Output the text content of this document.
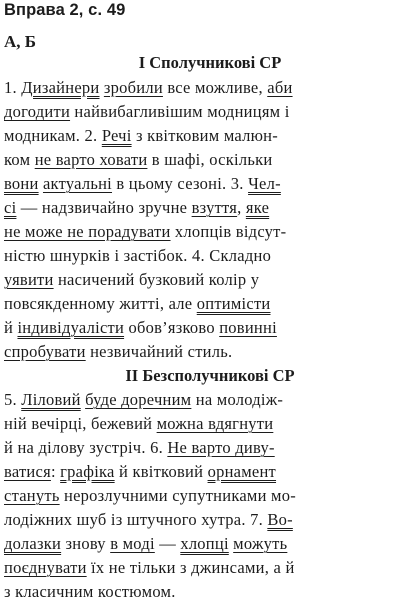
Вправа 2, с. 49
А, Б
І Сполучникові СР
1. Дизайнери зробили все можливе, аби
догодити найвибагливішим модницям і
модникам. 2. Речі з квітковим малюн-
ком не варто ховати в шафі, оскільки
вони актуальні в цьому сезоні. 3. Чел-
сі — надзвичайно зручне взуття, яке
не може не порадувати хлопців відсут-
ністю шнурків і застібок. 4. Складно
уявити насичений бузковий колір у
повсякденному житті, але оптимісти
й індивідуалісти обов’язково повинні
спробувати незвичайний стиль.
ІІ Безсполучникові СР
5. Ліловий буде доречним на молодіж-
ній вечірці, бежевий можна вдягнути
й на ділову зустріч. 6. Не варто диву-
ватися: графіка й квітковий орнамент
стануть нерозлучними супутниками мо-
лодіжних шуб із штучного хутра. 7. Во-
долазки знову в моді — хлопці можуть
поєднувати їх не тільки з джинсами, а й
з класичним костюмом.
